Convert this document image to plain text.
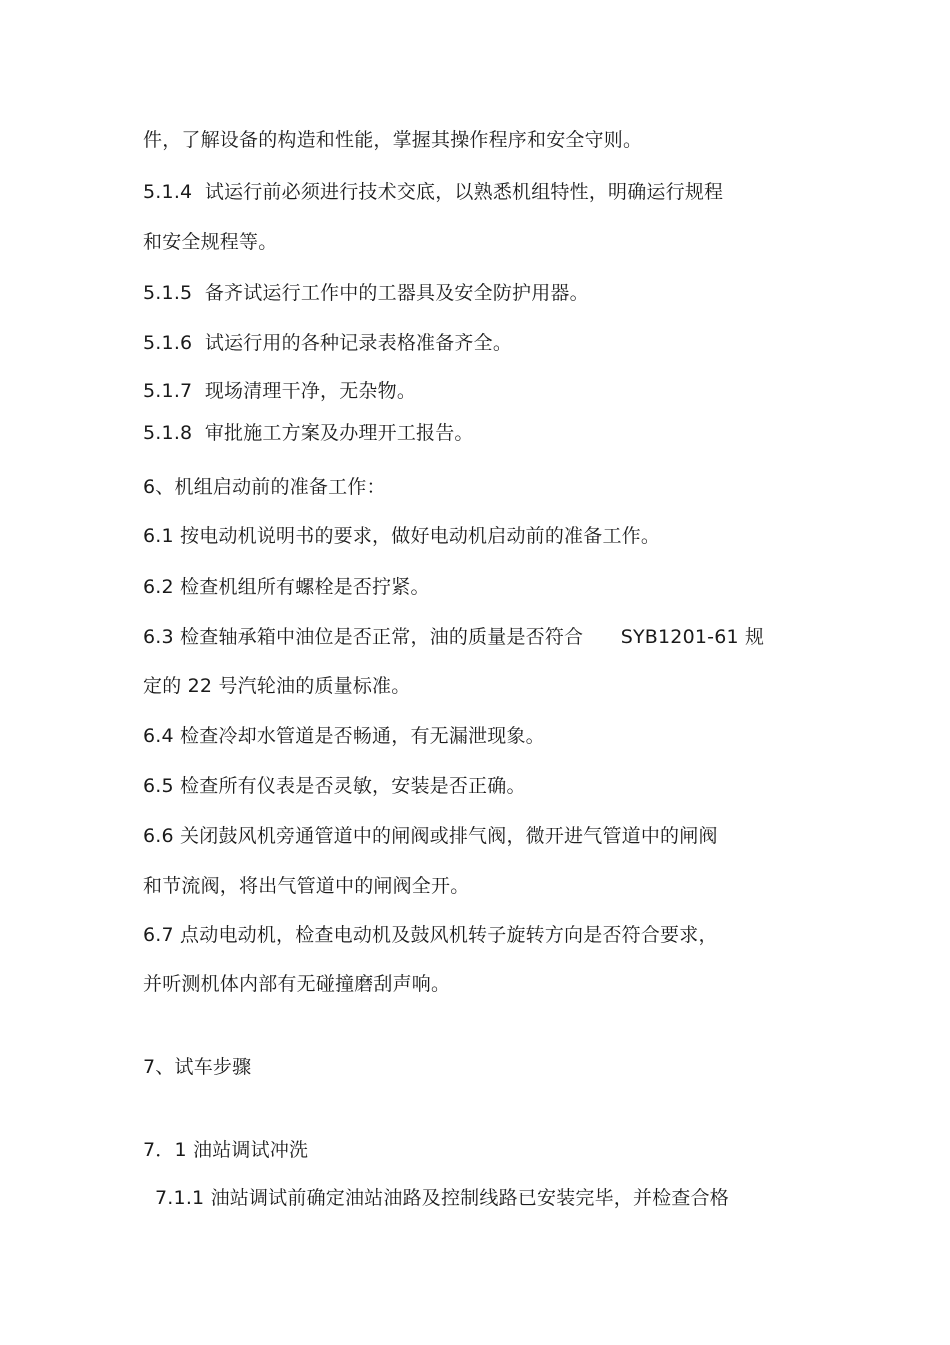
件，了解设备的构造和性能，掌握其操作程序和安全守则。
5.1.4  试运行前必须进行技术交底，以熟悉机组特性，明确运行规程
和安全规程等。
5.1.5  备齐试运行工作中的工器具及安全防护用器。
5.1.6  试运行用的各种记录表格准备齐全。
5.1.7  现场清理干净，无杂物。
5.1.8  审批施工方案及办理开工报告。
6、机组启动前的准备工作：
6.1 按电动机说明书的要求，做好电动机启动前的准备工作。
6.2 检查机组所有螺栓是否拧紧。
6.3 检查轴承箱中油位是否正常，油的质量是否符合      SYB1201-61 规
定的 22 号汽轮油的质量标准。
6.4 检查冷却水管道是否畅通，有无漏泄现象。
6.5 检查所有仪表是否灵敏，安装是否正确。
6.6 关闭鼓风机旁通管道中的闸阀或排气阀，微开进气管道中的闸阀
和节流阀，将出气管道中的闸阀全开。
6.7 点动电动机，检查电动机及鼓风机转子旋转方向是否符合要求，
并听测机体内部有无碰撞磨刮声响。
7、试车步骤
7．1 油站调试冲洗
7.1.1 油站调试前确定油站油路及控制线路已安装完毕，并检查合格
